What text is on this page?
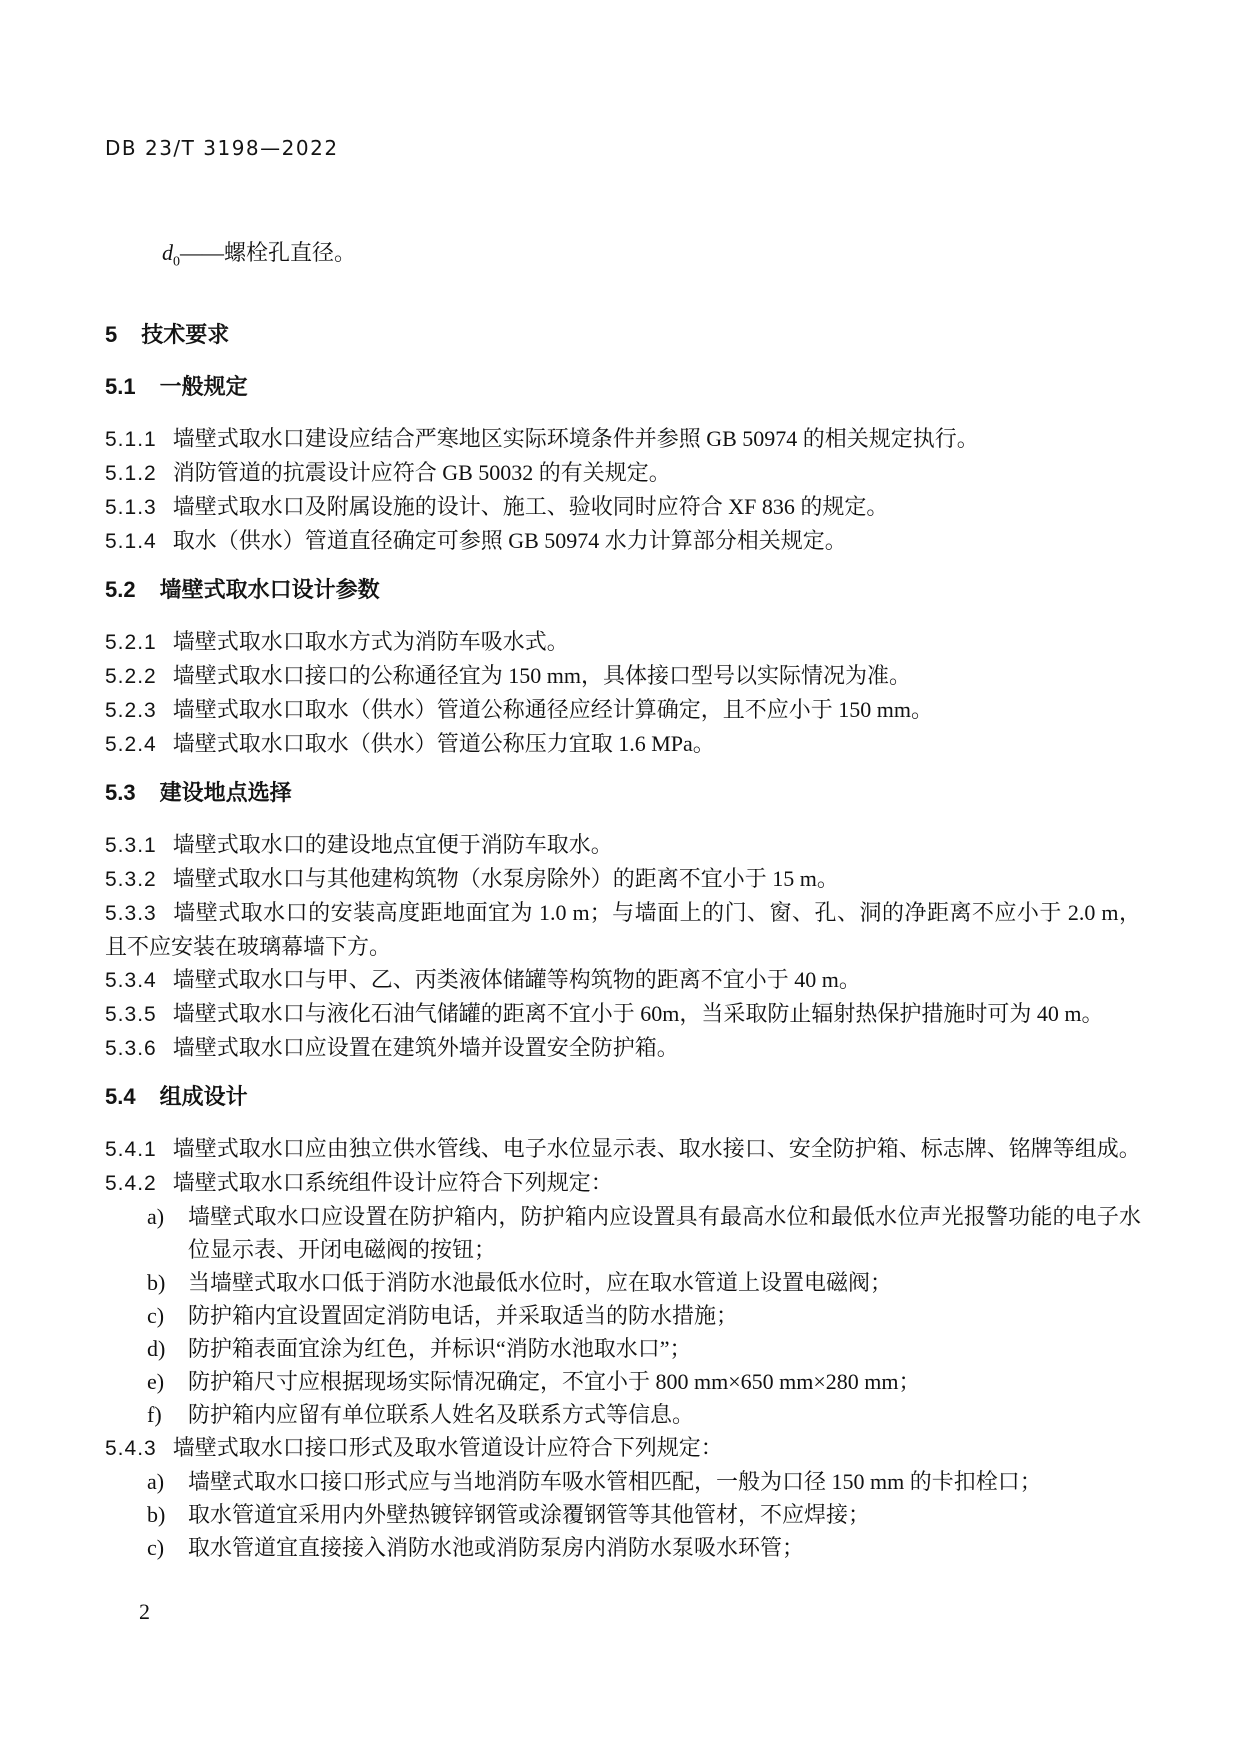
DB 23/T 3198—2022

$d_0——$螺栓孔直径。

5 技术要求
5.1 一般规定

5.1.1 墙壁式取水口建设应结合严寒地区实际环境条件并参照 GB 50974 的相关规定执行。

5.1.2 消防管道的抗震设计应符合 GB 50032 的有关规定。

5.1.3 墙壁式取水口及附属设施的设计、施工、验收同时应符合 XF 836 的规定。

5.1.4 取水（供水）管道直径确定可参照 GB 50974 水力计算部分相关规定。

5.2 墙壁式取水口设计参数

5.2.1 墙壁式取水口取水方式为消防车吸水式。

5.2.2 墙壁式取水口接口的公称通径宜为 150 mm，具体接口型号以实际情况为准。

5.2.3 墙壁式取水口取水（供水）管道公称通径应经计算确定，且不应小于 150 mm。

5.2.4 墙壁式取水口取水（供水）管道公称压力宜取 1.6 MPa。

5.3 建设地点选择

5.3.1 墙壁式取水口的建设地点宜便于消防车取水。

5.3.2 墙壁式取水口与其他建构筑物（水泵房除外）的距离不宜小于 15 m。

5.3.3 墙壁式取水口的安装高度距地面宜为 1.0 m；与墙面上的门、窗、孔、洞的净距离不应小于 2.0 m，且不应安装在玻璃幕墙下方。

5.3.4 墙壁式取水口与甲、乙、丙类液体储罐等构筑物的距离不宜小于 40 m。

5.3.5 墙壁式取水口与液化石油气储罐的距离不宜小于 60m，当采取防止辐射热保护措施时可为 40 m。

5.3.6 墙壁式取水口应设置在建筑外墙并设置安全防护箱。

5.4 组成设计

5.4.1 墙壁式取水口应由独立供水管线、电子水位显示表、取水接口、安全防护箱、标志牌、铭牌等组成。

5.4.2 墙壁式取水口系统组件设计应符合下列规定：

a)	墙壁式取水口应设置在防护箱内，防护箱内应设置具有最高水位和最低水位声光报警功能的电子水位显示表、开闭电磁阀的按钮；

b)	当墙壁式取水口低于消防水池最低水位时，应在取水管道上设置电磁阀；

c)	防护箱内宜设置固定消防电话，并采取适当的防水措施；

d)	防护箱表面宜涂为红色，并标识“消防水池取水口”；

e)	防护箱尺寸应根据现场实际情况确定，不宜小于 800 mm×650 mm×280 mm；

f)	防护箱内应留有单位联系人姓名及联系方式等信息。

5.4.3 墙壁式取水口接口形式及取水管道设计应符合下列规定：

a)	墙壁式取水口接口形式应与当地消防车吸水管相匹配，一般为口径 150 mm 的卡扣栓口；

b)	取水管道宜采用内外壁热镀锌钢管或涂覆钢管等其他管材，不应焊接；

c)	取水管道宜直接接入消防水池或消防泵房内消防水泵吸水环管；

2
